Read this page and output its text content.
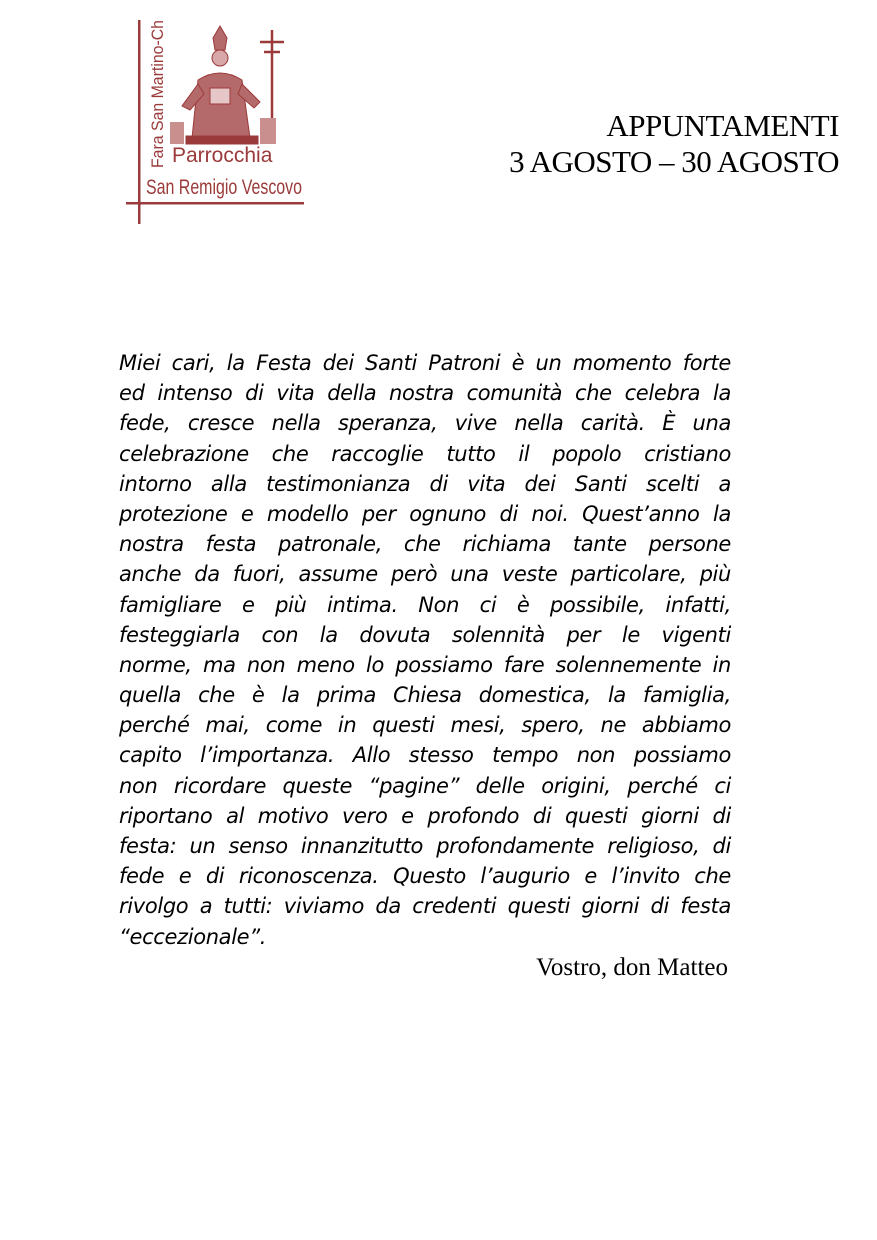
Fara San Martino-Ch Parrocchia
San Remigio Vescovo
APPUNTAMENTI
3 AGOSTO – 30 AGOSTO
Miei cari, la Festa dei Santi Patroni è un momento forte
ed intenso di vita della nostra comunità che celebra la
fede, cresce nella speranza, vive nella carità. È una
celebrazione che raccoglie tutto il popolo cristiano
intorno alla testimonianza di vita dei Santi scelti a
protezione e modello per ognuno di noi. Quest’anno la
nostra festa patronale, che richiama tante persone
anche da fuori, assume però una veste particolare, più
famigliare e più intima. Non ci è possibile, infatti,
festeggiarla con la dovuta solennità per le vigenti
norme, ma non meno lo possiamo fare solennemente in
quella che è la prima Chiesa domestica, la famiglia,
perché mai, come in questi mesi, spero, ne abbiamo
capito l’importanza. Allo stesso tempo non possiamo
non ricordare queste “pagine” delle origini, perché ci
riportano al motivo vero e profondo di questi giorni di
festa: un senso innanzitutto profondamente religioso, di
fede e di riconoscenza. Questo l’augurio e l’invito che
rivolgo a tutti: viviamo da credenti questi giorni di festa
“eccezionale”.
Vostro, don Matteo
